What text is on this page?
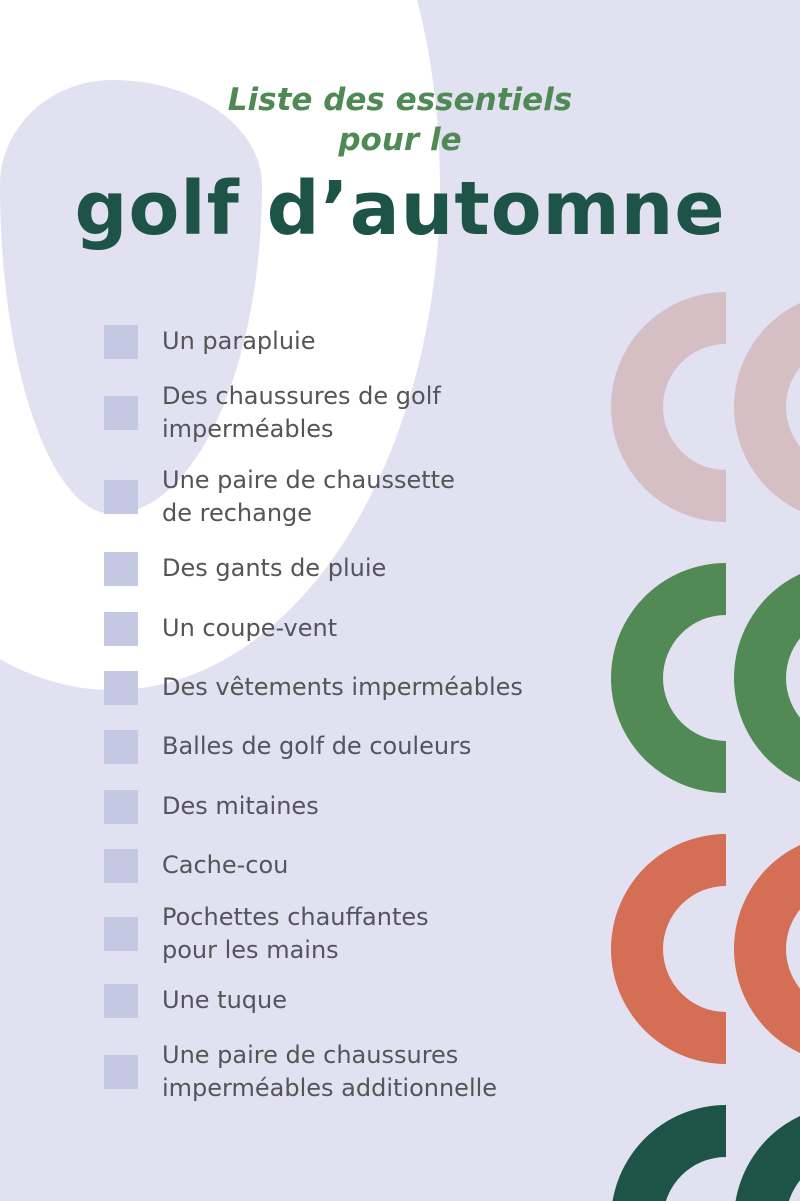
Liste des essentiels pour le
golf d’automne
Un parapluie
Des chaussures de golf
imperméables
Une paire de chaussette
de rechange
Des gants de pluie
Un coupe-vent
Des vêtements imperméables
Balles de golf de couleurs
Des mitaines
Cache-cou
Pochettes chauffantes
pour les mains
Une tuque
Une paire de chaussures
imperméables additionnelle
